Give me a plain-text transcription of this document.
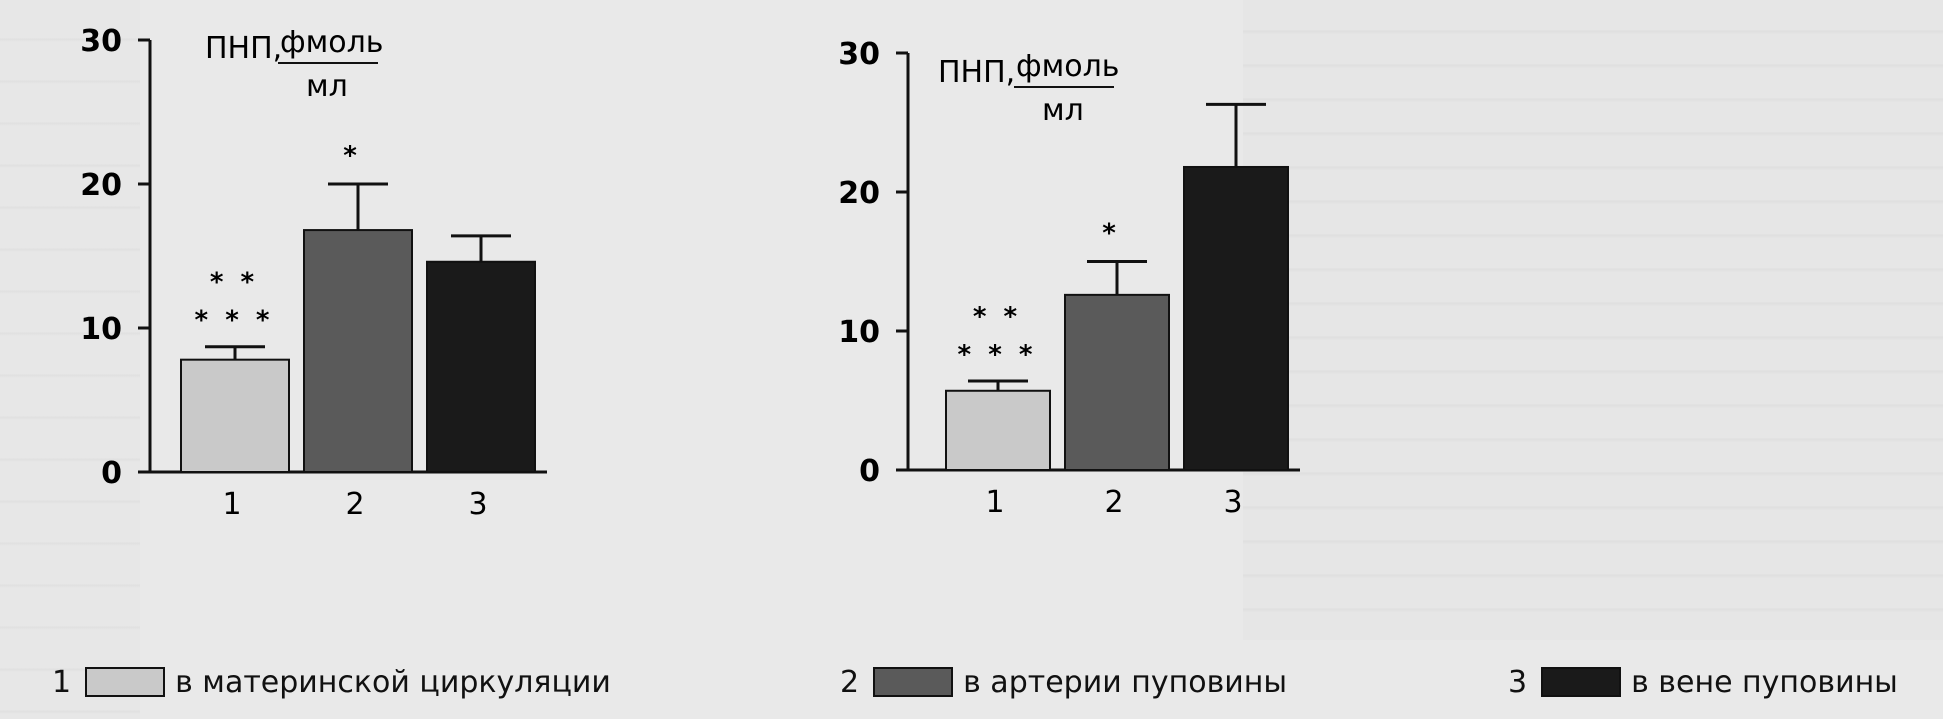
0
10
20
30	ПНП,
фмоль
мл
1
* *
* * *
2
*
3
0
10
20
30
ПНП, фмоль
мл
1
* *
* * *
2
*
3
1	в материнской циркуляции	2	в артерии пуповины	3	в вене пуповины
